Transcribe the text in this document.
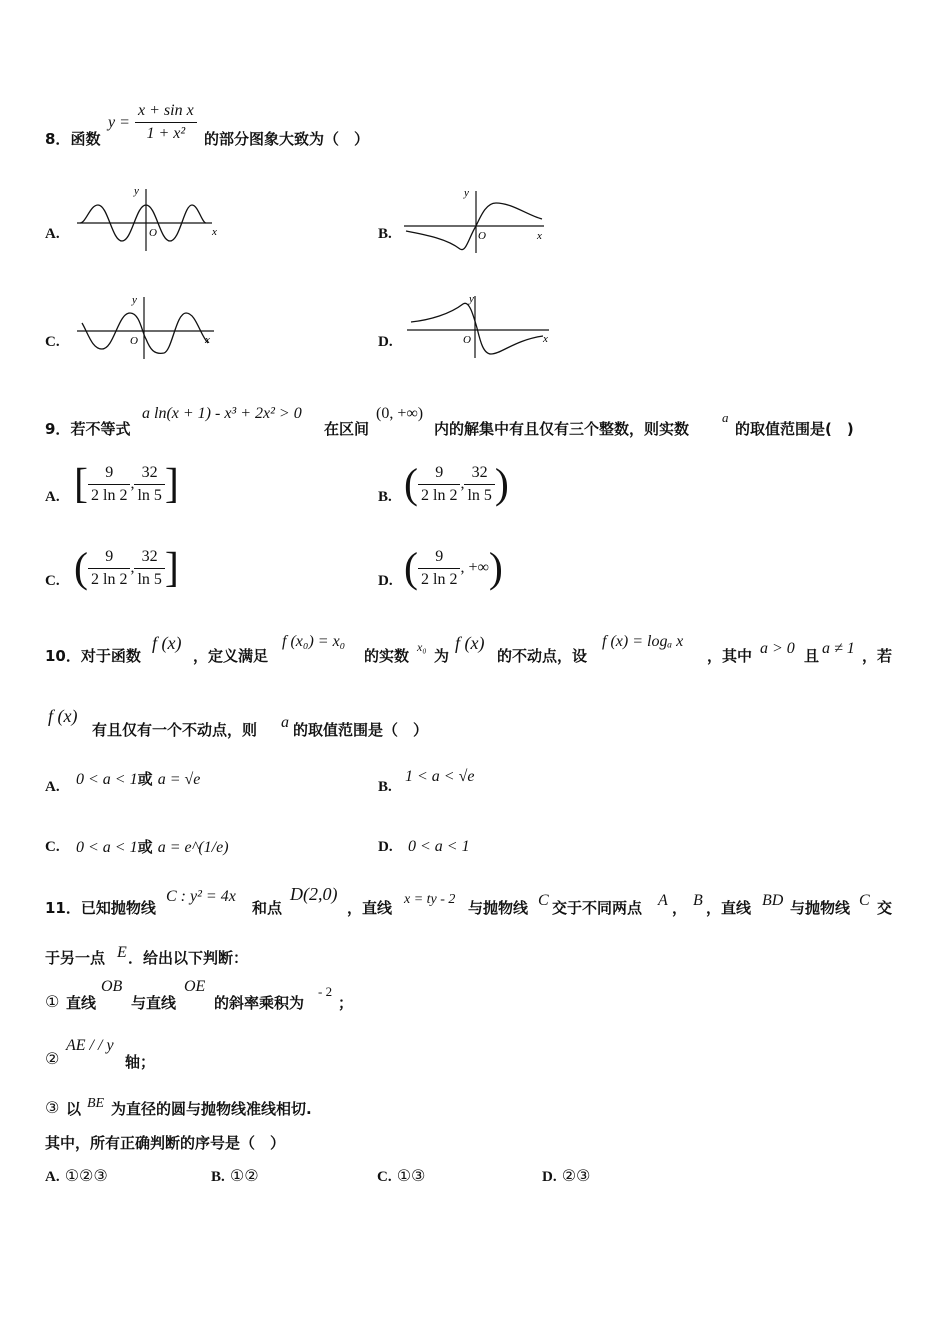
8．函数
$y = \frac{\text{x + sin x}}{\text{1 + x²}}$ 的部分图象大致为（　）
A.
y
x
O	B.
y
x
O
C.
y
x
O	D.
y
x
O
9．若不等式
a ln(x + 1) - x³ + 2x² > 0
在区间
(0, +∞)
内的解集中有且仅有三个整数，则实数
a
的取值范围是(　)
A. [ $\frac{9}{2 \ln 2}$ , $\frac{32}{\ln 5}$ ]	B. ( $\frac{9}{2 \ln 2}$ , $\frac{32}{\ln 5}$ )
C. ( $\frac{9}{2 \ln 2}$ , $\frac{32}{\ln 5}$ ]	D. ( $\frac{9}{2 \ln 2}$ , +∞)
10．对于函数
f (x)
，定义满足
f (x₀) = x₀
的实数 x₀ 为
f (x)
的不动点，设
f (x) = logₐ x
，其中 a > 0 且 a ≠ 1 ，若
f (x)
有且仅有一个不动点，则 a 的取值范围是（　）
A. 0 < a < 1或 a = √e	B.
1 < a < √e
C. 0 < a < 1或 a = e^(1/e)	D. 0 < a < 1
11．已知抛物线
C : y² = 4x
和点
D(2,0)
，直线 x = ty - 2 与抛物线 C 交于不同两点 A ， B ，直线 BD 与抛物线 C 交
于另一点 E ．给出以下判断：
① 直线
OB
与直线
OE
的斜率乘积为
- 2
；
②
AE / / y
轴；
③ 以 BE 为直径的圆与抛物线准线相切.
其中，所有正确判断的序号是（　）
A. ①②③	B. ①②	C. ①③	D. ②③
